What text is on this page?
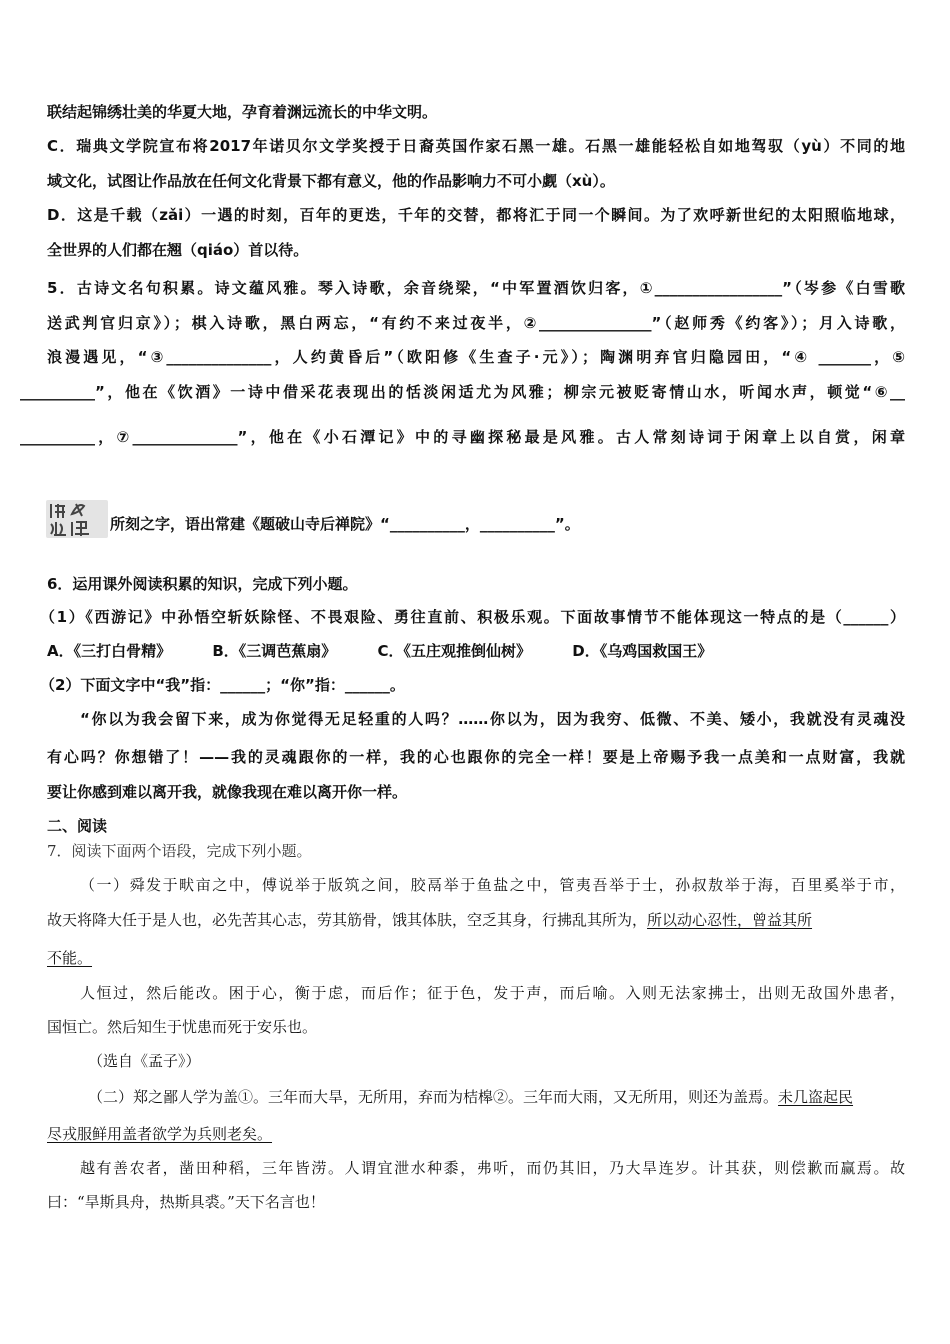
联结起锦绣壮美的华夏大地，孕育着渊远流长的中华文明。
C．瑞典文学院宣布将2017年诺贝尔文学奖授于日裔英国作家石黑一雄。石黑一雄能轻松自如地驾驭（yù）不同的地
域文化，试图让作品放在任何文化背景下都有意义，他的作品影响力不可小觑（xù）。
D．这是千载（zǎi）一遇的时刻，百年的更迭，千年的交替，都将汇于同一个瞬间。为了欢呼新世纪的太阳照临地球，
全世界的人们都在翘（qiáo）首以待。
5．古诗文名句积累。诗文蕴风雅。琴入诗歌，余音绕梁，“中军置酒饮归客，①_________________”（岑参《白雪歌
送武判官归京》）；棋入诗歌，黑白两忘，“有约不来过夜半，②_______________”（赵师秀《约客》）；月入诗歌，
浪漫遇见，“③______________，人约黄昏后”（欧阳修《生查子·元》）；陶渊明弃官归隐园田，“④ _______，⑤
__________”，他在《饮酒》一诗中借采花表现出的恬淡闲适尤为风雅；柳宗元被贬寄情山水，听闻水声，顿觉“⑥__
__________，⑦______________”，他在《小石潭记》中的寻幽探秘最是风雅。古人常刻诗词于闲章上以自赏，闲章
所刻之字，语出常建《题破山寺后禅院》“__________，__________”。
6．运用课外阅读积累的知识，完成下列小题。
（1）《西游记》中孙悟空斩妖除怪、不畏艰险、勇往直前、积极乐观。下面故事情节不能体现这一特点的是（______）
A．《三打白骨精》	B．《三调芭蕉扇》	C．《五庄观推倒仙树》	D．《乌鸡国救国王》
（2）下面文字中“我”指：______；“你”指：______。
“你以为我会留下来，成为你觉得无足轻重的人吗？……你以为，因为我穷、低微、不美、矮小，我就没有灵魂没
有心吗？你想错了！——我的灵魂跟你的一样，我的心也跟你的完全一样！要是上帝赐予我一点美和一点财富，我就
要让你感到难以离开我，就像我现在难以离开你一样。
二、阅读
7．阅读下面两个语段，完成下列小题。
（一）舜发于畎亩之中，傅说举于版筑之间，胶鬲举于鱼盐之中，管夷吾举于士，孙叔敖举于海，百里奚举于市，
故天将降大任于是人也，必先苦其心志，劳其筋骨，饿其体肤，空乏其身，行拂乱其所为，所以动心忍性，曾益其所
不能。
人恒过，然后能改。困于心，衡于虑，而后作；征于色，发于声，而后喻。入则无法家拂士，出则无敌国外患者，
国恒亡。然后知生于忧患而死于安乐也。
（选自《孟子》）
（二）郑之鄙人学为盖①。三年而大旱，无所用，弃而为桔槔②。三年而大雨，又无所用，则还为盖焉。未几盗起民
尽戎服鲜用盖者欲学为兵则老矣。
越有善农者，凿田种稻，三年皆涝。人谓宜泄水种黍，弗听，而仍其旧，乃大旱连岁。计其获，则偿歉而赢焉。故
曰：“旱斯具舟，热斯具裘。”天下名言也！
